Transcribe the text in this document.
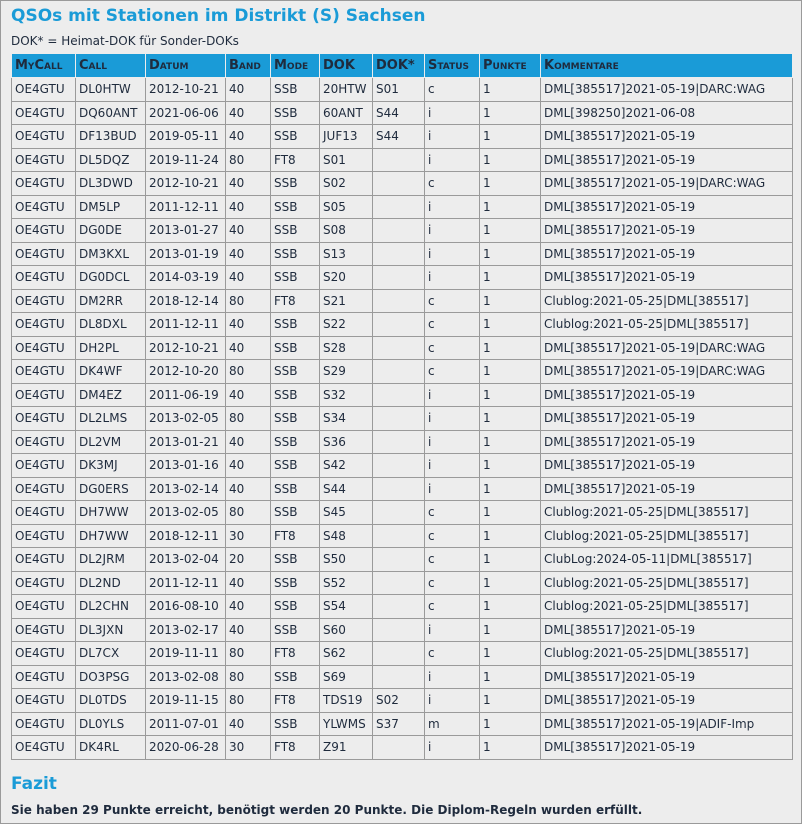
QSOs mit Stationen im Distrikt (S) Sachsen
DOK* = Heimat-DOK für Sonder-DOKs
MyCall	Call	Datum	Band	Mode	DOK	DOK*	Status	Punkte	Kommentare
OE4GTU	DL0HTW	2012-10-21	40	SSB	20HTW	S01	c	1	DML[385517]2021-05-19|DARC:WAG
OE4GTU	DQ60ANT	2021-06-06	40	SSB	60ANT	S44	i	1	DML[398250]2021-06-08
OE4GTU	DF13BUD	2019-05-11	40	SSB	JUF13	S44	i	1	DML[385517]2021-05-19
OE4GTU	DL5DQZ	2019-11-24	80	FT8	S01		i	1	DML[385517]2021-05-19
OE4GTU	DL3DWD	2012-10-21	40	SSB	S02		c	1	DML[385517]2021-05-19|DARC:WAG
OE4GTU	DM5LP	2011-12-11	40	SSB	S05		i	1	DML[385517]2021-05-19
OE4GTU	DG0DE	2013-01-27	40	SSB	S08		i	1	DML[385517]2021-05-19
OE4GTU	DM3KXL	2013-01-19	40	SSB	S13		i	1	DML[385517]2021-05-19
OE4GTU	DG0DCL	2014-03-19	40	SSB	S20		i	1	DML[385517]2021-05-19
OE4GTU	DM2RR	2018-12-14	80	FT8	S21		c	1	Clublog:2021-05-25|DML[385517]
OE4GTU	DL8DXL	2011-12-11	40	SSB	S22		c	1	Clublog:2021-05-25|DML[385517]
OE4GTU	DH2PL	2012-10-21	40	SSB	S28		c	1	DML[385517]2021-05-19|DARC:WAG
OE4GTU	DK4WF	2012-10-20	80	SSB	S29		c	1	DML[385517]2021-05-19|DARC:WAG
OE4GTU	DM4EZ	2011-06-19	40	SSB	S32		i	1	DML[385517]2021-05-19
OE4GTU	DL2LMS	2013-02-05	80	SSB	S34		i	1	DML[385517]2021-05-19
OE4GTU	DL2VM	2013-01-21	40	SSB	S36		i	1	DML[385517]2021-05-19
OE4GTU	DK3MJ	2013-01-16	40	SSB	S42		i	1	DML[385517]2021-05-19
OE4GTU	DG0ERS	2013-02-14	40	SSB	S44		i	1	DML[385517]2021-05-19
OE4GTU	DH7WW	2013-02-05	80	SSB	S45		c	1	Clublog:2021-05-25|DML[385517]
OE4GTU	DH7WW	2018-12-11	30	FT8	S48		c	1	Clublog:2021-05-25|DML[385517]
OE4GTU	DL2JRM	2013-02-04	20	SSB	S50		c	1	ClubLog:2024-05-11|DML[385517]
OE4GTU	DL2ND	2011-12-11	40	SSB	S52		c	1	Clublog:2021-05-25|DML[385517]
OE4GTU	DL2CHN	2016-08-10	40	SSB	S54		c	1	Clublog:2021-05-25|DML[385517]
OE4GTU	DL3JXN	2013-02-17	40	SSB	S60		i	1	DML[385517]2021-05-19
OE4GTU	DL7CX	2019-11-11	80	FT8	S62		c	1	Clublog:2021-05-25|DML[385517]
OE4GTU	DO3PSG	2013-02-08	80	SSB	S69		i	1	DML[385517]2021-05-19
OE4GTU	DL0TDS	2019-11-15	80	FT8	TDS19	S02	i	1	DML[385517]2021-05-19
OE4GTU	DL0YLS	2011-07-01	40	SSB	YLWMS	S37	m	1	DML[385517]2021-05-19|ADIF-Imp
OE4GTU	DK4RL	2020-06-28	30	FT8	Z91		i	1	DML[385517]2021-05-19
Fazit
Sie haben 29 Punkte erreicht, benötigt werden 20 Punkte. Die Diplom-Regeln wurden erfüllt.
